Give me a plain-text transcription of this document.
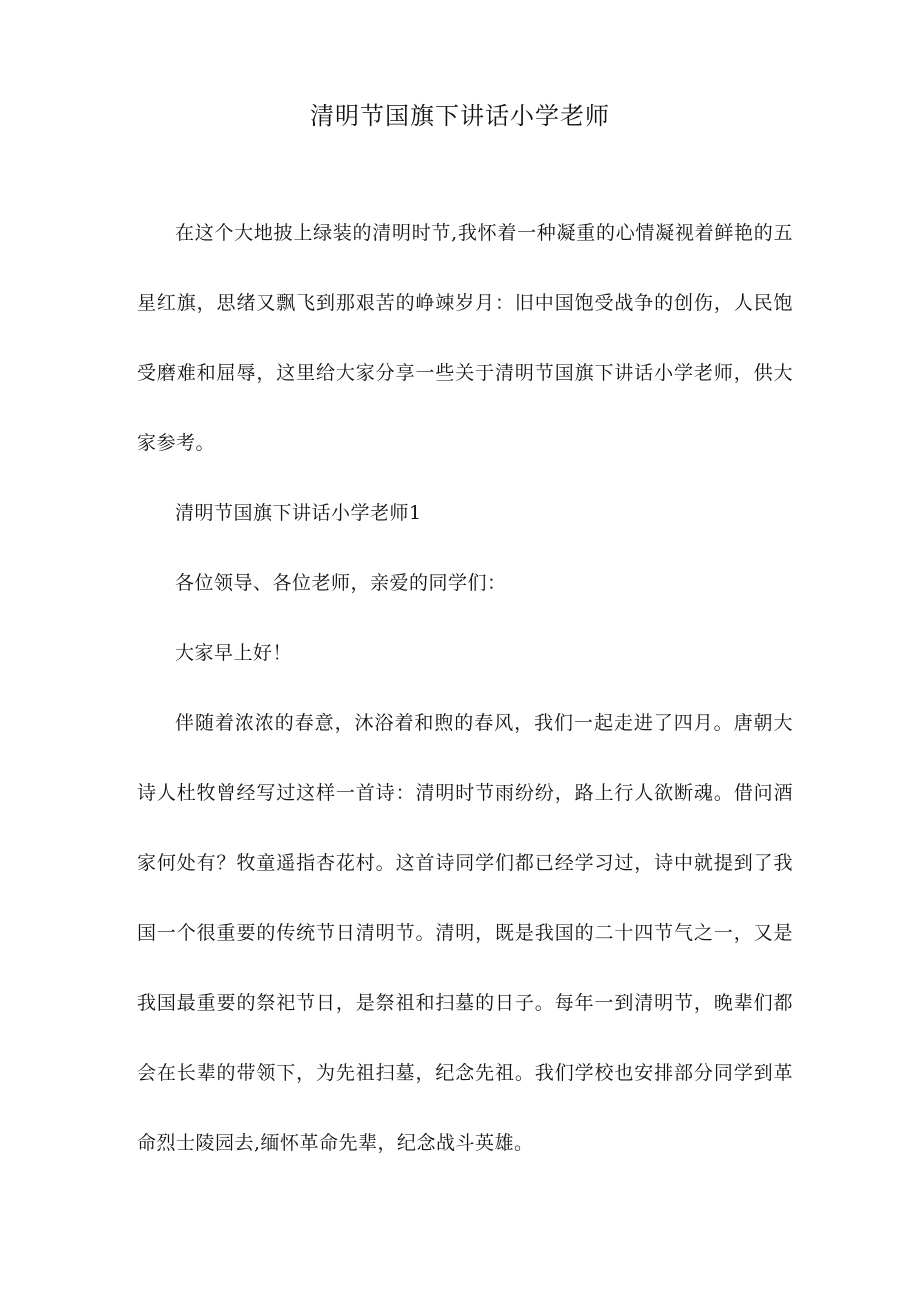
清明节国旗下讲话小学老师

在这个大地披上绿装的清明时节,我怀着一种凝重的心情凝视着鲜艳的五星红旗，思绪又飘飞到那艰苦的峥竦岁月：旧中国饱受战争的创伤，人民饱受磨难和屈辱，这里给大家分享一些关于清明节国旗下讲话小学老师，供大家参考。

清明节国旗下讲话小学老师1

各位领导、各位老师，亲爱的同学们：

大家早上好！

伴随着浓浓的春意，沐浴着和煦的春风，我们一起走进了四月。唐朝大诗人杜牧曾经写过这样一首诗：清明时节雨纷纷，路上行人欲断魂。借问酒家何处有？牧童遥指杏花村。这首诗同学们都已经学习过，诗中就提到了我国一个很重要的传统节日清明节。清明，既是我国的二十四节气之一，又是我国最重要的祭祀节日，是祭祖和扫墓的日子。每年一到清明节，晚辈们都会在长辈的带领下，为先祖扫墓，纪念先祖。我们学校也安排部分同学到革命烈士陵园去,缅怀革命先辈，纪念战斗英雄。
